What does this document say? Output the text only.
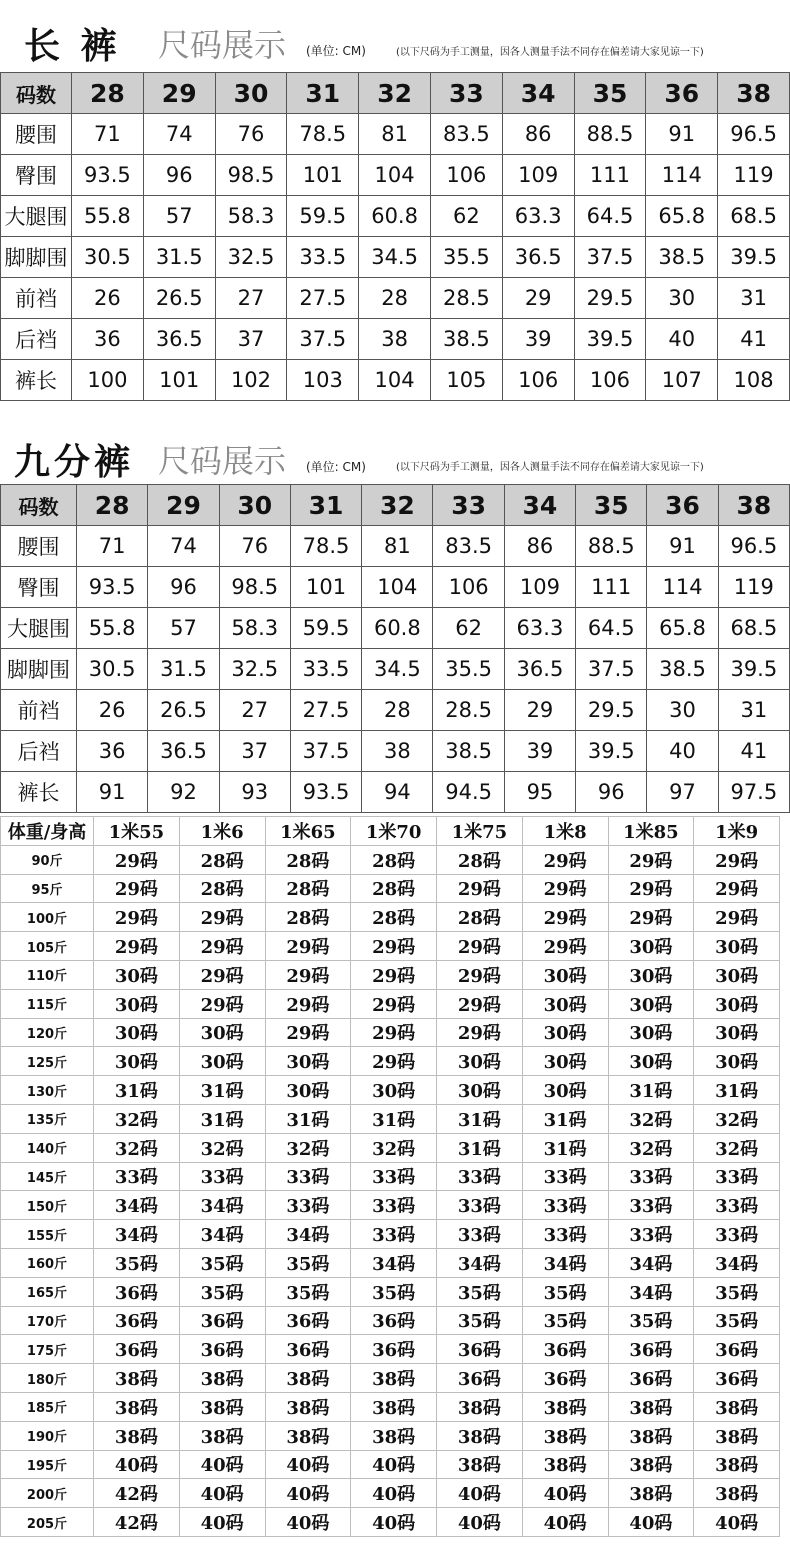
长 裤 尺码展示 (单位: CM)	(以下尺码为手工测量，因各人测量手法不同存在偏差请大家见谅一下)
码数	28	29	30	31	32	33	34	35	36	38
腰围	71	74	76	78.5	81	83.5	86	88.5	91	96.5
臀围	93.5	96	98.5	101	104	106	109	111	114	119
大腿围	55.8	57	58.3	59.5	60.8	62	63.3	64.5	65.8	68.5
脚脚围	30.5	31.5	32.5	33.5	34.5	35.5	36.5	37.5	38.5	39.5
前裆	26	26.5	27	27.5	28	28.5	29	29.5	30	31
后裆	36	36.5	37	37.5	38	38.5	39	39.5	40	41
裤长	100	101	102	103	104	105	106	106	107	108
九分裤 尺码展示 (单位: CM)	(以下尺码为手工测量，因各人测量手法不同存在偏差请大家见谅一下)
码数	28	29	30	31	32	33	34	35	36	38
腰围	71	74	76	78.5	81	83.5	86	88.5	91	96.5
臀围	93.5	96	98.5	101	104	106	109	111	114	119
大腿围	55.8	57	58.3	59.5	60.8	62	63.3	64.5	65.8	68.5
脚脚围	30.5	31.5	32.5	33.5	34.5	35.5	36.5	37.5	38.5	39.5
前裆	26	26.5	27	27.5	28	28.5	29	29.5	30	31
后裆	36	36.5	37	37.5	38	38.5	39	39.5	40	41
裤长	91	92	93	93.5	94	94.5	95	96	97	97.5
体重/身高	1米55	1米6	1米65	1米70	1米75	1米8	1米85	1米9
90斤	29码	28码	28码	28码	28码	29码	29码	29码
95斤	29码	28码	28码	28码	29码	29码	29码	29码
100斤	29码	29码	28码	28码	28码	29码	29码	29码
105斤	29码	29码	29码	29码	29码	29码	30码	30码
110斤	30码	29码	29码	29码	29码	30码	30码	30码
115斤	30码	29码	29码	29码	29码	30码	30码	30码
120斤	30码	30码	29码	29码	29码	30码	30码	30码
125斤	30码	30码	30码	29码	30码	30码	30码	30码
130斤	31码	31码	30码	30码	30码	30码	31码	31码
135斤	32码	31码	31码	31码	31码	31码	32码	32码
140斤	32码	32码	32码	32码	31码	31码	32码	32码
145斤	33码	33码	33码	33码	33码	33码	33码	33码
150斤	34码	34码	33码	33码	33码	33码	33码	33码
155斤	34码	34码	34码	33码	33码	33码	33码	33码
160斤	35码	35码	35码	34码	34码	34码	34码	34码
165斤	36码	35码	35码	35码	35码	35码	34码	35码
170斤	36码	36码	36码	36码	35码	35码	35码	35码
175斤	36码	36码	36码	36码	36码	36码	36码	36码
180斤	38码	38码	38码	38码	36码	36码	36码	36码
185斤	38码	38码	38码	38码	38码	38码	38码	38码
190斤	38码	38码	38码	38码	38码	38码	38码	38码
195斤	40码	40码	40码	40码	38码	38码	38码	38码
200斤	42码	40码	40码	40码	40码	40码	38码	38码
205斤	42码	40码	40码	40码	40码	40码	40码	40码
